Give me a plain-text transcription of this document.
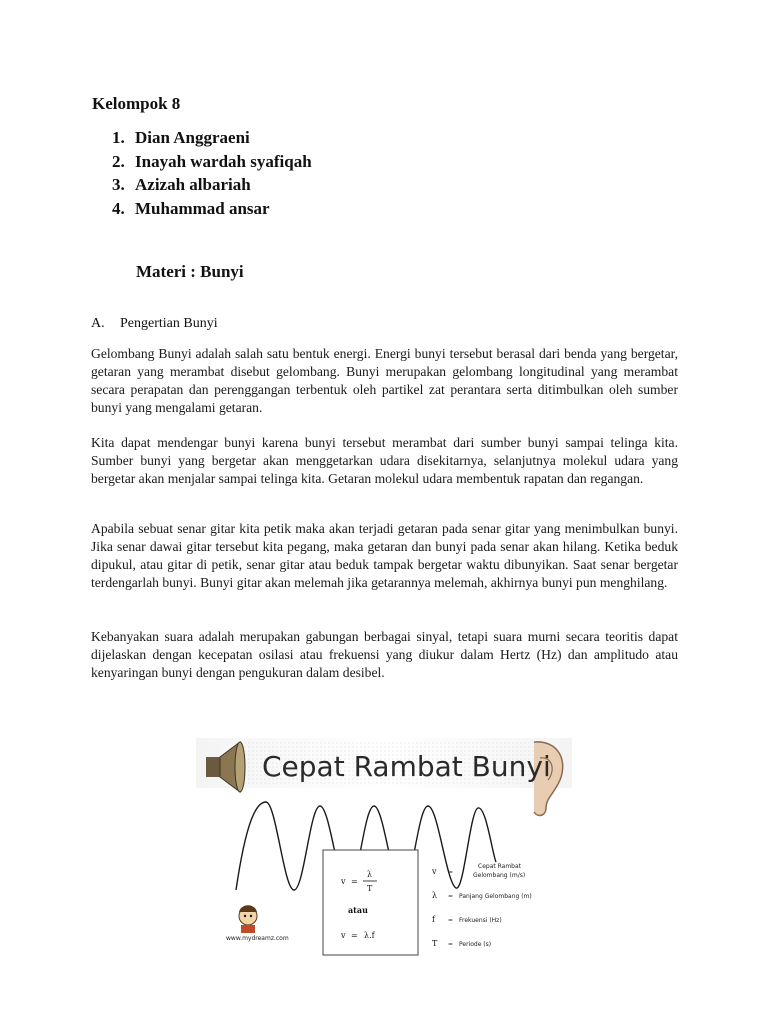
Kelompok 8
1. Dian Anggraeni
2. Inayah wardah syafiqah
3. Azizah albariah
4. Muhammad ansar
Materi : Bunyi
A. Pengertian Bunyi

Gelombang Bunyi adalah salah satu bentuk energi. Energi bunyi tersebut berasal dari benda yang bergetar, getaran yang merambat disebut gelombang. Bunyi merupakan gelombang longitudinal yang merambat secara perapatan dan perenggangan terbentuk oleh partikel zat perantara serta ditimbulkan oleh sumber bunyi yang mengalami getaran.

Kita dapat mendengar bunyi karena bunyi tersebut merambat dari sumber bunyi sampai telinga kita. Sumber bunyi yang bergetar akan menggetarkan udara disekitarnya, selanjutnya molekul udara yang bergetar akan menjalar sampai telinga kita. Getaran molekul udara membentuk rapatan dan regangan.

Apabila sebuat senar gitar kita petik maka akan terjadi getaran pada senar gitar yang menimbulkan bunyi. Jika senar dawai gitar tersebut kita pegang, maka getaran dan bunyi pada senar akan hilang. Ketika beduk dipukul, atau gitar di petik, senar gitar atau beduk tampak bergetar waktu dibunyikan. Saat senar bergetar terdengarlah bunyi. Bunyi gitar akan melemah jika getarannya melemah, akhirnya bunyi pun menghilang.

Kebanyakan suara adalah merupakan gabungan berbagai sinyal, tetapi suara murni secara teoritis dapat dijelaskan dengan kecepatan osilasi atau frekuensi yang diukur dalam Hertz (Hz) dan amplitudo atau kenyaringan bunyi dengan pengukuran dalam desibel.

Cepat Rambat Bunyi
v =
λ
T
atau
v = λ.f
v =
Cepat Rambat
Gelombang (m/s)
λ = Panjang Gelombang (m)
f = Frekuensi (Hz)
T = Periode (s)
www.mydreamz.com
